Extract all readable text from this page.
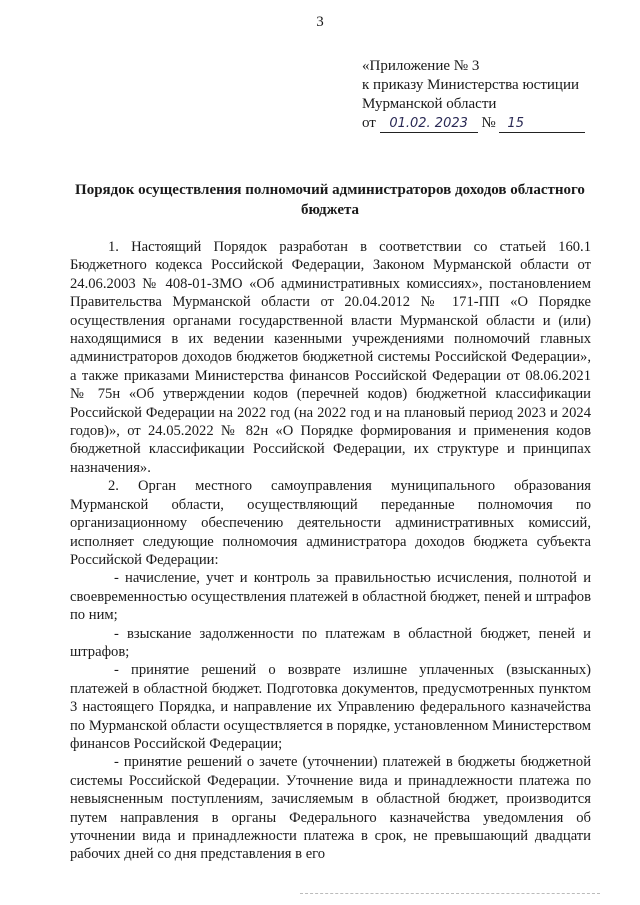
3
«Приложение № 3
к приказу Министерства юстиции
Мурманской области
от 01.02. 2023 № 15
Порядок осуществления полномочий администраторов доходов областного бюджета

1. Настоящий Порядок разработан в соответствии со статьей 160.1 Бюджетного кодекса Российской Федерации, Законом Мурманской области от 24.06.2003 № 408-01-ЗМО «Об административных комиссиях», постановлением Правительства Мурманской области от 20.04.2012 № 171-ПП «О Порядке осуществления органами государственной власти Мурманской области и (или) находящимися в их ведении казенными учреждениями полномочий главных администраторов доходов бюджетов бюджетной системы Российской Федерации», а также приказами Министерства финансов Российской Федерации от 08.06.2021 № 75н «Об утверждении кодов (перечней кодов) бюджетной классификации Российской Федерации на 2022 год (на 2022 год и на плановый период 2023 и 2024 годов)», от 24.05.2022 № 82н «О Порядке формирования и применения кодов бюджетной классификации Российской Федерации, их структуре и принципах назначения».

2. Орган местного самоуправления муниципального образования Мурманской области, осуществляющий переданные полномочия по организационному обеспечению деятельности административных комиссий, исполняет следующие полномочия администратора доходов бюджета субъекта Российской Федерации:

- начисление, учет и контроль за правильностью исчисления, полнотой и своевременностью осуществления платежей в областной бюджет, пеней и штрафов по ним;

- взыскание задолженности по платежам в областной бюджет, пеней и штрафов;

- принятие решений о возврате излишне уплаченных (взысканных) платежей в областной бюджет. Подготовка документов, предусмотренных пунктом 3 настоящего Порядка, и направление их Управлению федерального казначейства по Мурманской области осуществляется в порядке, установленном Министерством финансов Российской Федерации;

- принятие решений о зачете (уточнении) платежей в бюджеты бюджетной системы Российской Федерации. Уточнение вида и принадлежности платежа по невыясненным поступлениям, зачисляемым в областной бюджет, производится путем направления в органы Федерального казначейства уведомления об уточнении вида и принадлежности платежа в срок, не превышающий двадцати рабочих дней со дня представления в его
